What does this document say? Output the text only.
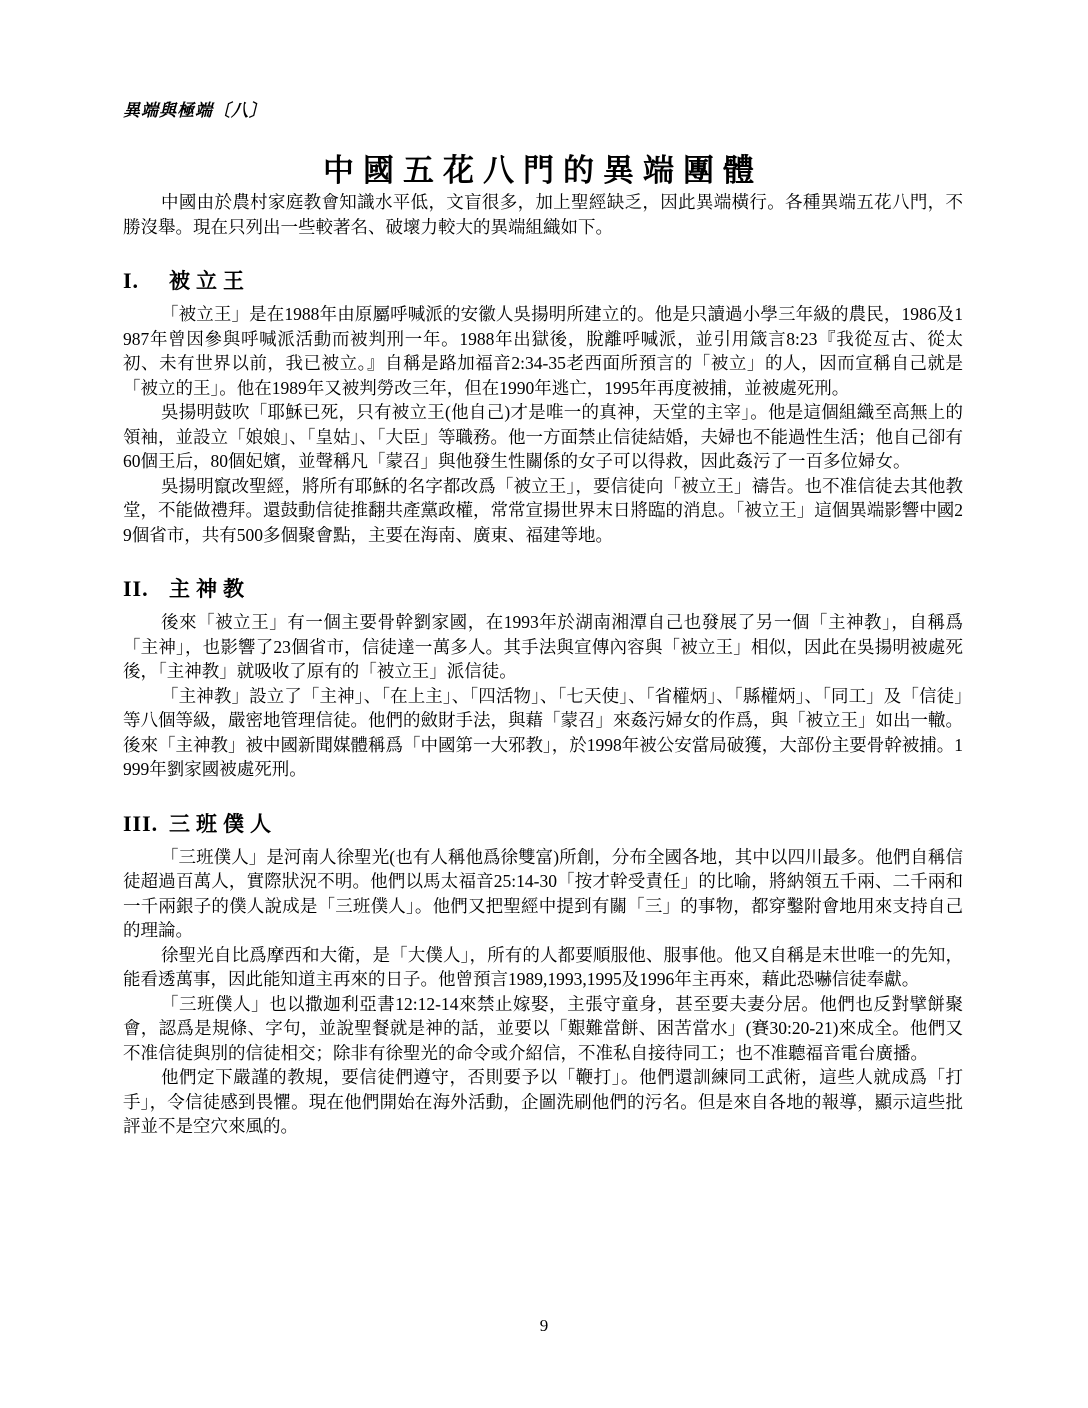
異端與極端〔八〕
中國五花八門的異端團體

中國由於農村家庭教會知識水平低，文盲很多，加上聖經缺乏，因此異端橫行。各種異端五花八門，不勝沒舉。現在只列出一些較著名、破壞力較大的異端組織如下。

I. 被立王

「被立王」是在1988年由原屬呼喊派的安徽人吳揚明所建立的。他是只讀過小學三年級的農民，1986及1987年曾因參與呼喊派活動而被判刑一年。1988年出獄後，脫離呼喊派，並引用箴言8:23『我從亙古、從太初、未有世界以前，我已被立。』自稱是路加福音2:34-35老西面所預言的「被立」的人，因而宣稱自己就是「被立的王」。他在1989年又被判勞改三年，但在1990年逃亡，1995年再度被捕，並被處死刑。

吳揚明鼓吹「耶穌已死，只有被立王(他自己)才是唯一的真神，天堂的主宰」。他是這個組織至高無上的領袖，並設立「娘娘」、「皇姑」、「大臣」等職務。他一方面禁止信徒結婚，夫婦也不能過性生活；他自己卻有60個王后，80個妃嬪，並聲稱凡「蒙召」與他發生性關係的女子可以得救，因此姦污了一百多位婦女。

吳揚明竄改聖經，將所有耶穌的名字都改爲「被立王」，要信徒向「被立王」禱告。也不准信徒去其他教堂，不能做禮拜。還鼓動信徒推翻共產黨政權，常常宣揚世界末日將臨的消息。「被立王」這個異端影響中國29個省市，共有500多個聚會點，主要在海南、廣東、福建等地。

II. 主神教

後來「被立王」有一個主要骨幹劉家國，在1993年於湖南湘潭自己也發展了另一個「主神教」，自稱爲「主神」，也影響了23個省市，信徒達一萬多人。其手法與宣傳內容與「被立王」相似，因此在吳揚明被處死後，「主神教」就吸收了原有的「被立王」派信徒。

「主神教」設立了「主神」、「在上主」、「四活物」、「七天使」、「省權炳」、「縣權炳」、「同工」及「信徒」等八個等級，嚴密地管理信徒。他們的斂財手法，與藉「蒙召」來姦污婦女的作爲，與「被立王」如出一轍。後來「主神教」被中國新聞媒體稱爲「中國第一大邪教」，於1998年被公安當局破獲，大部份主要骨幹被捕。1999年劉家國被處死刑。

III. 三班僕人

「三班僕人」是河南人徐聖光(也有人稱他爲徐雙富)所創，分布全國各地，其中以四川最多。他們自稱信徒超過百萬人，實際狀況不明。他們以馬太福音25:14-30「按才幹受責任」的比喻，將納領五千兩、二千兩和一千兩銀子的僕人說成是「三班僕人」。他們又把聖經中提到有關「三」的事物，都穿鑿附會地用來支持自己的理論。

徐聖光自比爲摩西和大衛，是「大僕人」，所有的人都要順服他、服事他。他又自稱是末世唯一的先知，能看透萬事，因此能知道主再來的日子。他曾預言1989,1993,1995及1996年主再來，藉此恐嚇信徒奉獻。

「三班僕人」也以撒迦利亞書12:12-14來禁止嫁娶，主張守童身，甚至要夫妻分居。他們也反對擘餅聚會，認爲是規條、字句，並說聖餐就是神的話，並要以「艱難當餅、困苦當水」(賽30:20-21)來成全。他們又不准信徒與別的信徒相交；除非有徐聖光的命令或介紹信，不准私自接待同工；也不准聽福音電台廣播。

他們定下嚴謹的教規，要信徒們遵守，否則要予以「鞭打」。他們還訓練同工武術，這些人就成爲「打手」，令信徒感到畏懼。現在他們開始在海外活動，企圖洗刷他們的污名。但是來自各地的報導，顯示這些批評並不是空穴來風的。

9
